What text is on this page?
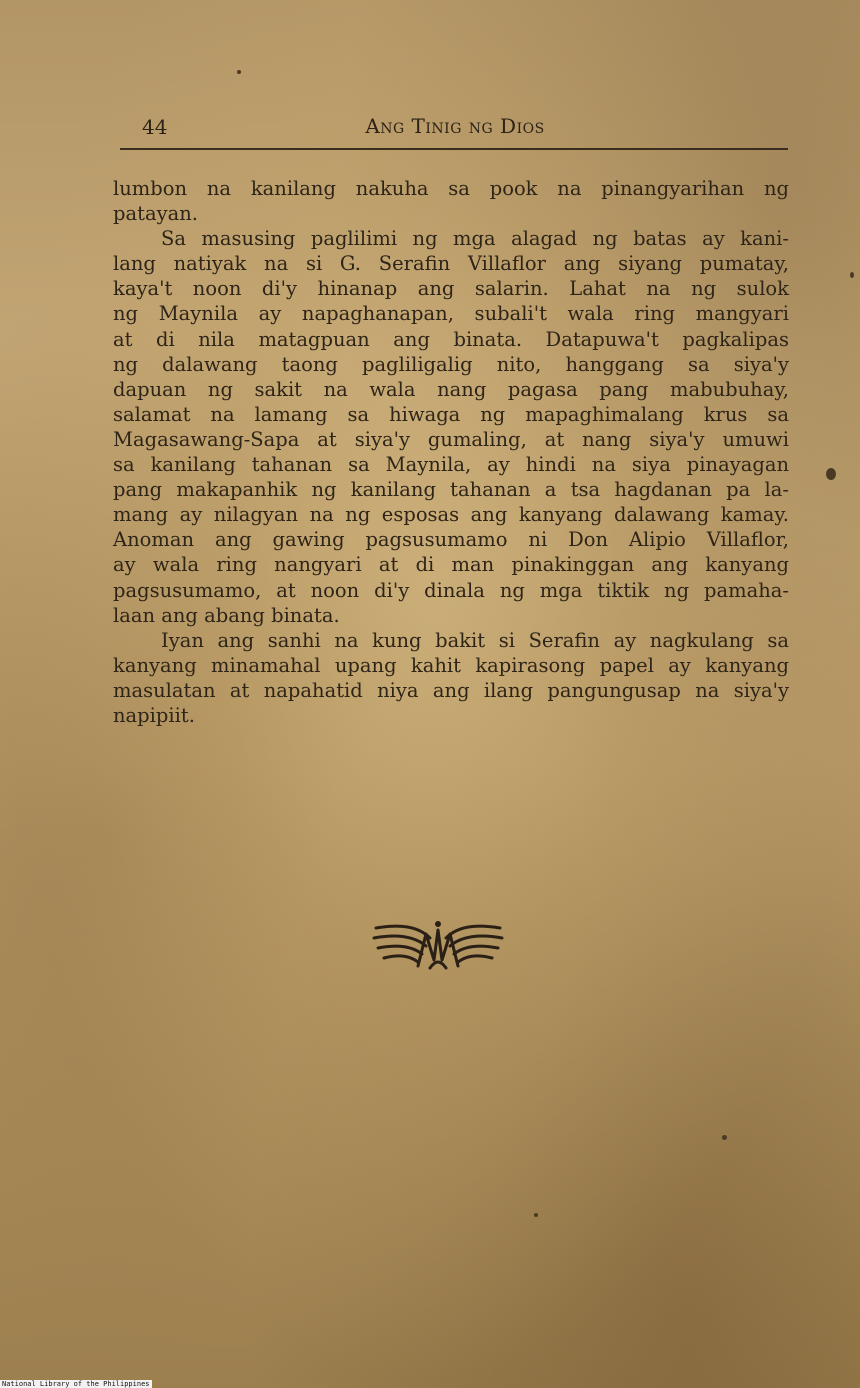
44	Ang Tinig ng Dios
lumbon na kanilang nakuha sa pook na pinangyarihan ng
patayan.
Sa masusing paglilimi ng mga alagad ng batas ay kani-
lang natiyak na si G. Serafin Villaflor ang siyang pumatay,
kaya't noon di'y hinanap ang salarin. Lahat na ng sulok
ng Maynila ay napaghanapan, subali't wala ring mangyari
at di nila matagpuan ang binata. Datapuwa't pagkalipas
ng dalawang taong pagliligalig nito, hanggang sa siya'y
dapuan ng sakit na wala nang pagasa pang mabubuhay,
salamat na lamang sa hiwaga ng mapaghimalang krus sa
Magasawang-Sapa at siya'y gumaling, at nang siya'y umuwi
sa kanilang tahanan sa Maynila, ay hindi na siya pinayagan
pang makapanhik ng kanilang tahanan a tsa hagdanan pa la-
mang ay nilagyan na ng esposas ang kanyang dalawang kamay.
Anoman ang gawing pagsusumamo ni Don Alipio Villaflor,
ay wala ring nangyari at di man pinakinggan ang kanyang
pagsusumamo, at noon di'y dinala ng mga tiktik ng pamaha-
laan ang abang binata.
Iyan ang sanhi na kung bakit si Serafin ay nagkulang sa
kanyang minamahal upang kahit kapirasong papel ay kanyang
masulatan at napahatid niya ang ilang pangungusap na siya'y
napipiit.
National Library of the Philippines
